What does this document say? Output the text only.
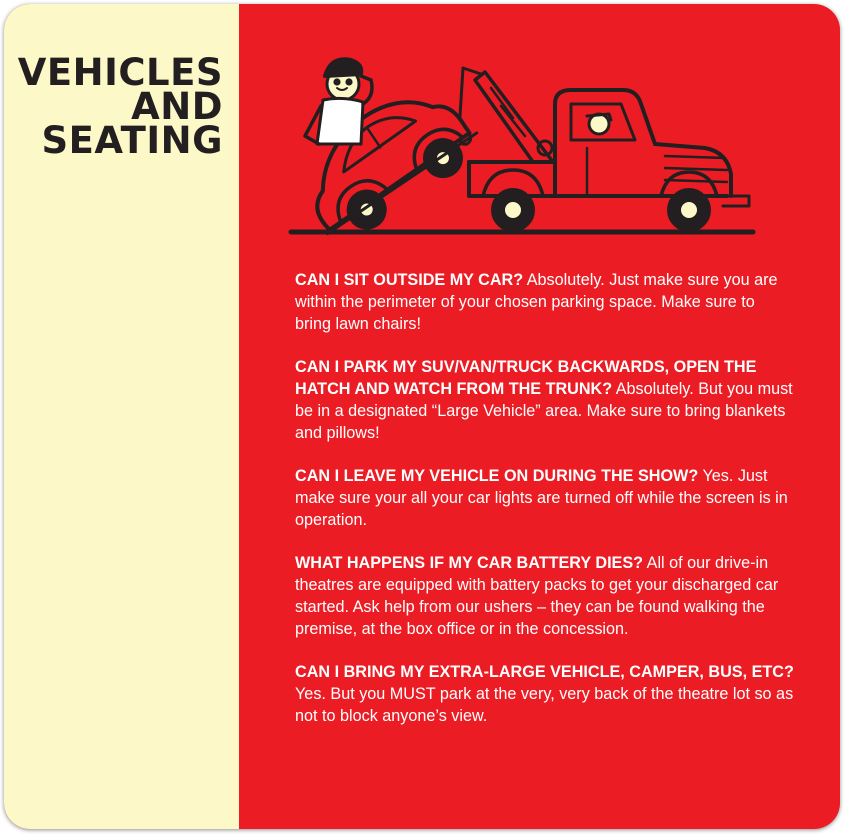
VEHICLES
AND
SEATING

CAN I SIT OUTSIDE MY CAR? Absolutely. Just make sure you are within the perimeter of your chosen parking space. Make sure to bring lawn chairs!

CAN I PARK MY SUV/VAN/TRUCK BACKWARDS, OPEN THE HATCH AND WATCH FROM THE TRUNK? Absolutely. But you must be in a designated “Large Vehicle” area. Make sure to bring blankets and pillows!

CAN I LEAVE MY VEHICLE ON DURING THE SHOW? Yes. Just make sure your all your car lights are turned off while the screen is in operation.

WHAT HAPPENS IF MY CAR BATTERY DIES? All of our drive-in theatres are equipped with battery packs to get your discharged car started. Ask help from our ushers – they can be found walking the premise, at the box office or in the concession.

CAN I BRING MY EXTRA-LARGE VEHICLE, CAMPER, BUS, ETC? Yes. But you MUST park at the very, very back of the theatre lot so as not to block anyone’s view.
